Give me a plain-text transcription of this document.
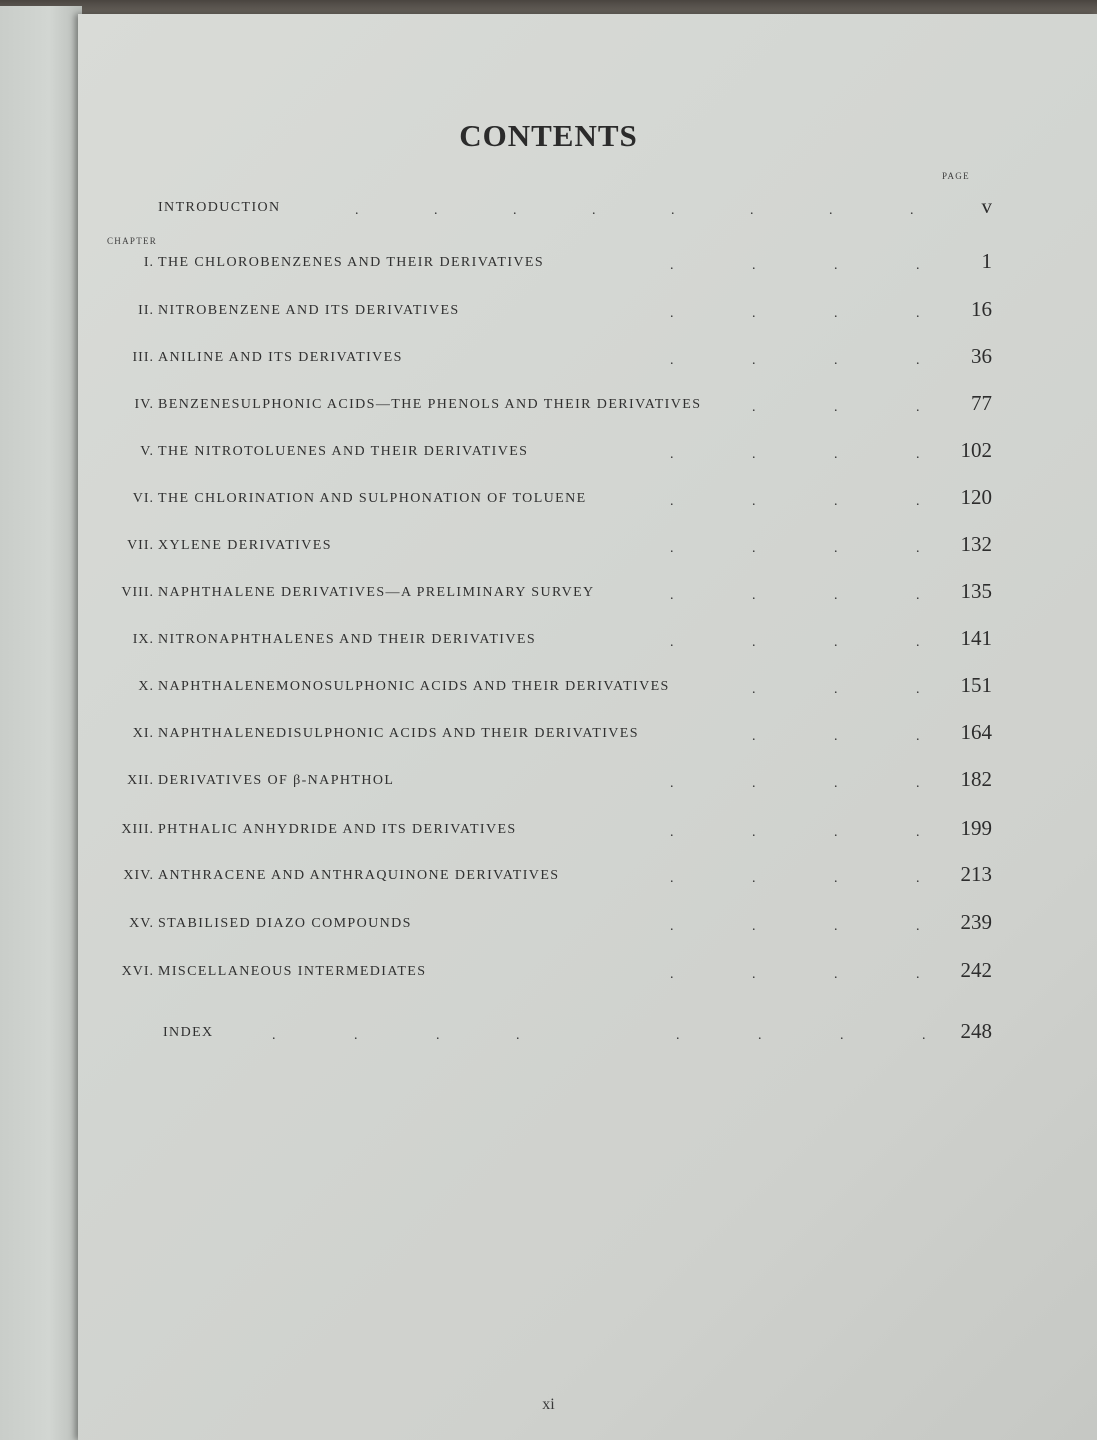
CONTENTS
PAGE
CHAPTER
INTRODUCTION	.	.	.	.	.	.	.	.	v
I. THE CHLOROBENZENES AND THEIR DERIVATIVES	.	.	.	.	1
II. NITROBENZENE AND ITS DERIVATIVES	.	.	.	. 16
III. ANILINE AND ITS DERIVATIVES	.	.	.	. 36
IV. BENZENESULPHONIC ACIDS—THE PHENOLS AND THEIR DERIVATIVES	.	.	. 77
V. THE NITROTOLUENES AND THEIR DERIVATIVES	.	.	.	. 102
VI. THE CHLORINATION AND SULPHONATION OF TOLUENE	.	.	.	. 120
VII. XYLENE DERIVATIVES	.	.	.	. 132
VIII. NAPHTHALENE DERIVATIVES—A PRELIMINARY SURVEY	.	.	.	. 135
IX. NITRONAPHTHALENES AND THEIR DERIVATIVES	.	.	.	. 141
X. NAPHTHALENEMONOSULPHONIC ACIDS AND THEIR DERIVATIVES	.	.	. 151
XI. NAPHTHALENEDISULPHONIC ACIDS AND THEIR DERIVATIVES	.	.	. 164
XII. DERIVATIVES OF β-NAPHTHOL	.	.	.	. 182
XIII. PHTHALIC ANHYDRIDE AND ITS DERIVATIVES	.	.	.	. 199
XIV. ANTHRACENE AND ANTHRAQUINONE DERIVATIVES	.	.	.	. 213
XV. STABILISED DIAZO COMPOUNDS	.	.	.	. 239
XVI. MISCELLANEOUS INTERMEDIATES	.	.	.	. 242
INDEX	.	.	.	.	.	.	.	. 248
xi
